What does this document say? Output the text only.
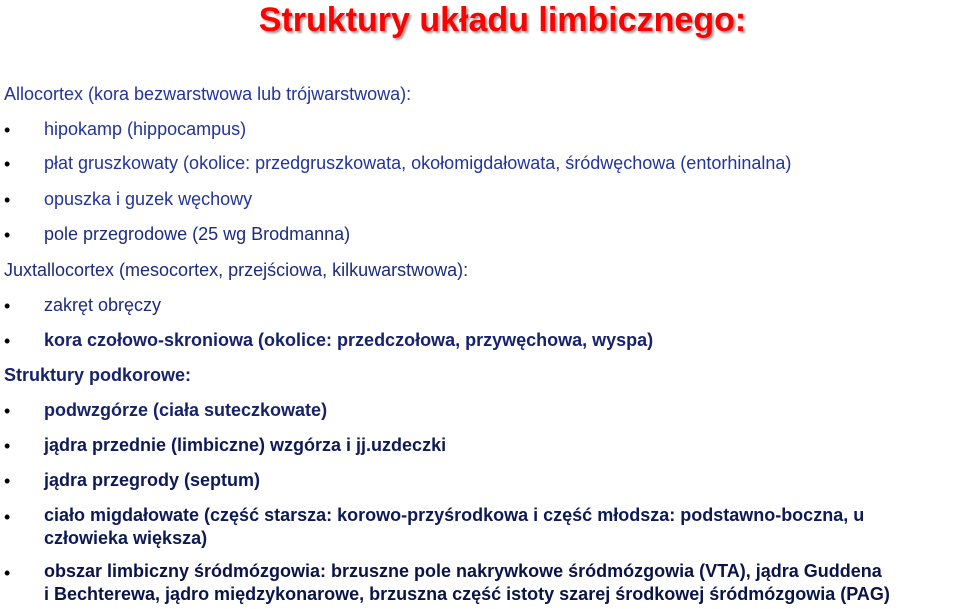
Struktury układu limbicznego:
Allocortex (kora bezwarstwowa lub trójwarstwowa):
• hipokamp (hippocampus)
• płat gruszkowaty (okolice: przedgruszkowata, okołomigdałowata, śródwęchowa (entorhinalna)
• opuszka i guzek węchowy
• pole przegrodowe (25 wg Brodmanna)
Juxtallocortex (mesocortex, przejściowa, kilkuwarstwowa):
• zakręt obręczy
• kora czołowo-skroniowa (okolice: przedczołowa, przywęchowa, wyspa)
Struktury podkorowe:
• podwzgórze (ciała suteczkowate)
• jądra przednie (limbiczne) wzgórza i jj.uzdeczki
• jądra przegrody (septum)
• ciało migdałowate (część starsza: korowo-przyśrodkowa i część młodsza: podstawno-boczna, u
człowieka większa)
• obszar limbiczny śródmózgowia: brzuszne pole nakrywkowe śródmózgowia (VTA), jądra Guddena
i Bechterewa, jądro międzykonarowe, brzuszna część istoty szarej środkowej śródmózgowia (PAG)
